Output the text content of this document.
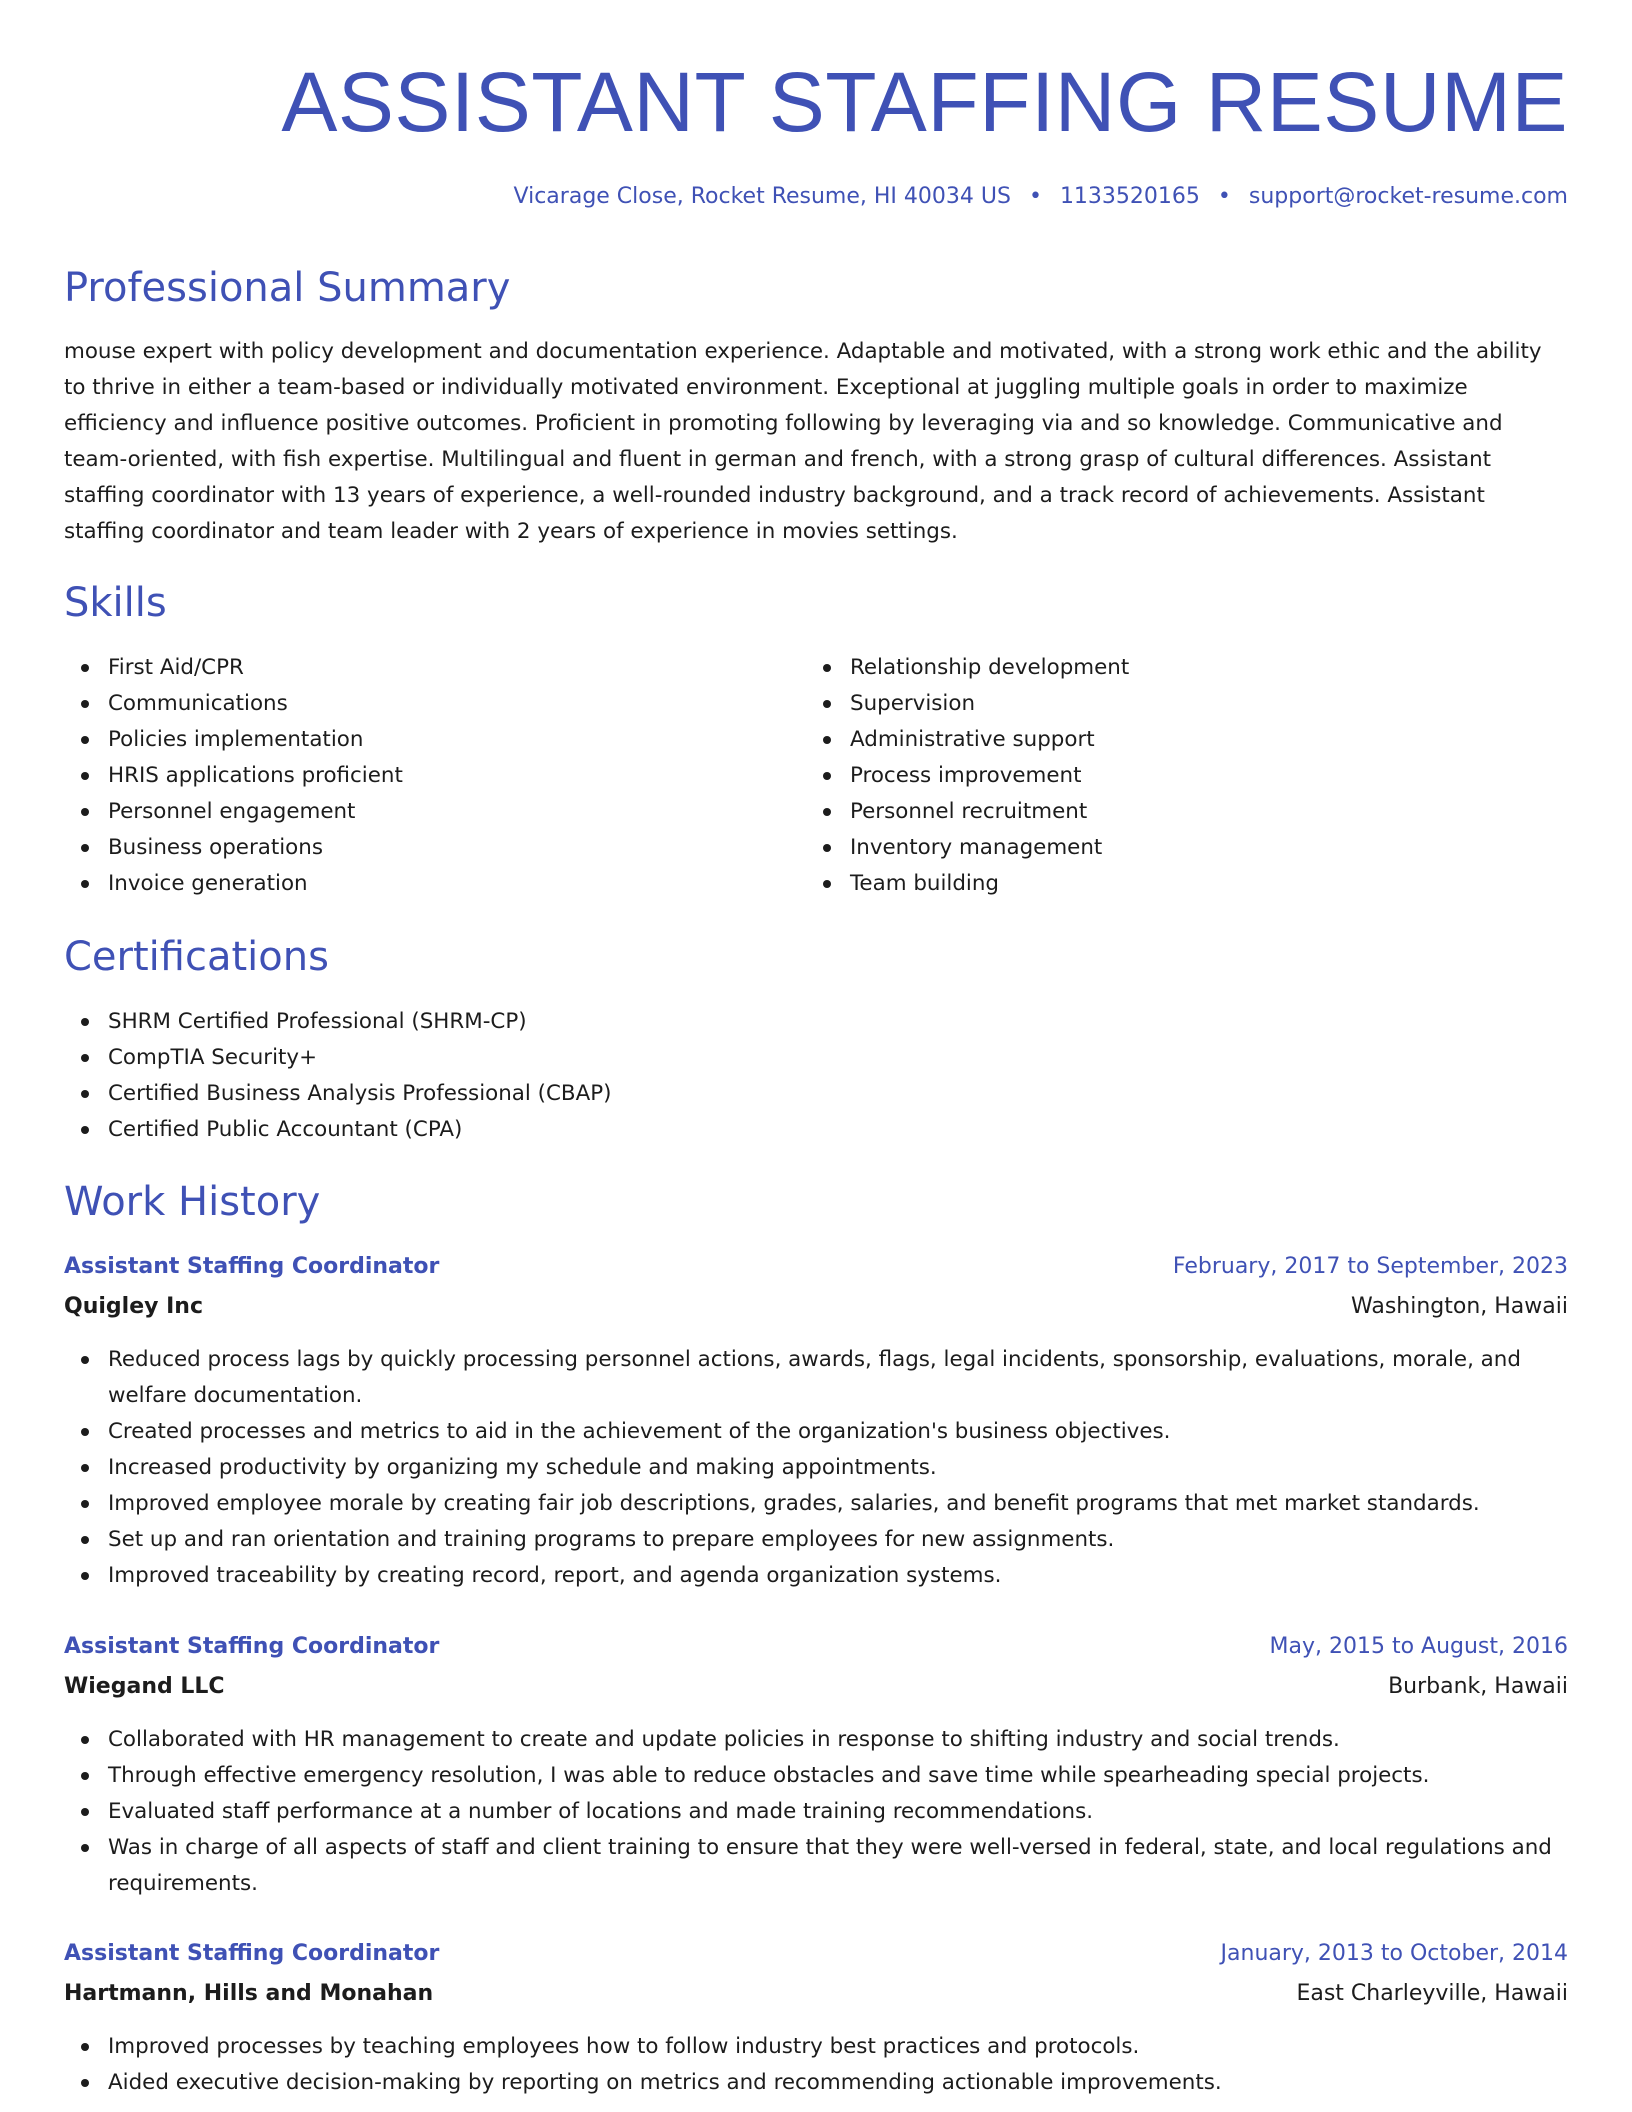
ASSISTANT STAFFING RESUME
Vicarage Close, Rocket Resume, HI 40034 US • 1133520165 • support@rocket-resume.com
Professional Summary

mouse expert with policy development and documentation experience. Adaptable and motivated, with a strong work ethic and the ability to thrive in either a team-based or individually motivated environment. Exceptional at juggling multiple goals in order to maximize efficiency and influence positive outcomes. Proficient in promoting following by leveraging via and so knowledge. Communicative and team-oriented, with fish expertise. Multilingual and fluent in german and french, with a strong grasp of cultural differences. Assistant staffing coordinator with 13 years of experience, a well-rounded industry background, and a track record of achievements. Assistant staffing coordinator and team leader with 2 years of experience in movies settings.

Skills
First Aid/CPR
Communications
Policies implementation
HRIS applications proficient
Personnel engagement
Business operations
Invoice generation
Relationship development
Supervision
Administrative support
Process improvement
Personnel recruitment
Inventory management
Team building
Certifications
SHRM Certified Professional (SHRM-CP)
CompTIA Security+
Certified Business Analysis Professional (CBAP)
Certified Public Accountant (CPA)
Work History
Assistant Staffing Coordinator	February, 2017 to September, 2023
Quigley Inc	Washington, Hawaii
Reduced process lags by quickly processing personnel actions, awards, flags, legal incidents, sponsorship, evaluations, morale, and welfare documentation.
Created processes and metrics to aid in the achievement of the organization's business objectives.
Increased productivity by organizing my schedule and making appointments.
Improved employee morale by creating fair job descriptions, grades, salaries, and benefit programs that met market standards.
Set up and ran orientation and training programs to prepare employees for new assignments.
Improved traceability by creating record, report, and agenda organization systems.
Assistant Staffing Coordinator	May, 2015 to August, 2016
Wiegand LLC	Burbank, Hawaii
Collaborated with HR management to create and update policies in response to shifting industry and social trends.
Through effective emergency resolution, I was able to reduce obstacles and save time while spearheading special projects.
Evaluated staff performance at a number of locations and made training recommendations.
Was in charge of all aspects of staff and client training to ensure that they were well-versed in federal, state, and local regulations and requirements.
Assistant Staffing Coordinator	January, 2013 to October, 2014
Hartmann, Hills and Monahan	East Charleyville, Hawaii
Improved processes by teaching employees how to follow industry best practices and protocols.
Aided executive decision-making by reporting on metrics and recommending actionable improvements.
